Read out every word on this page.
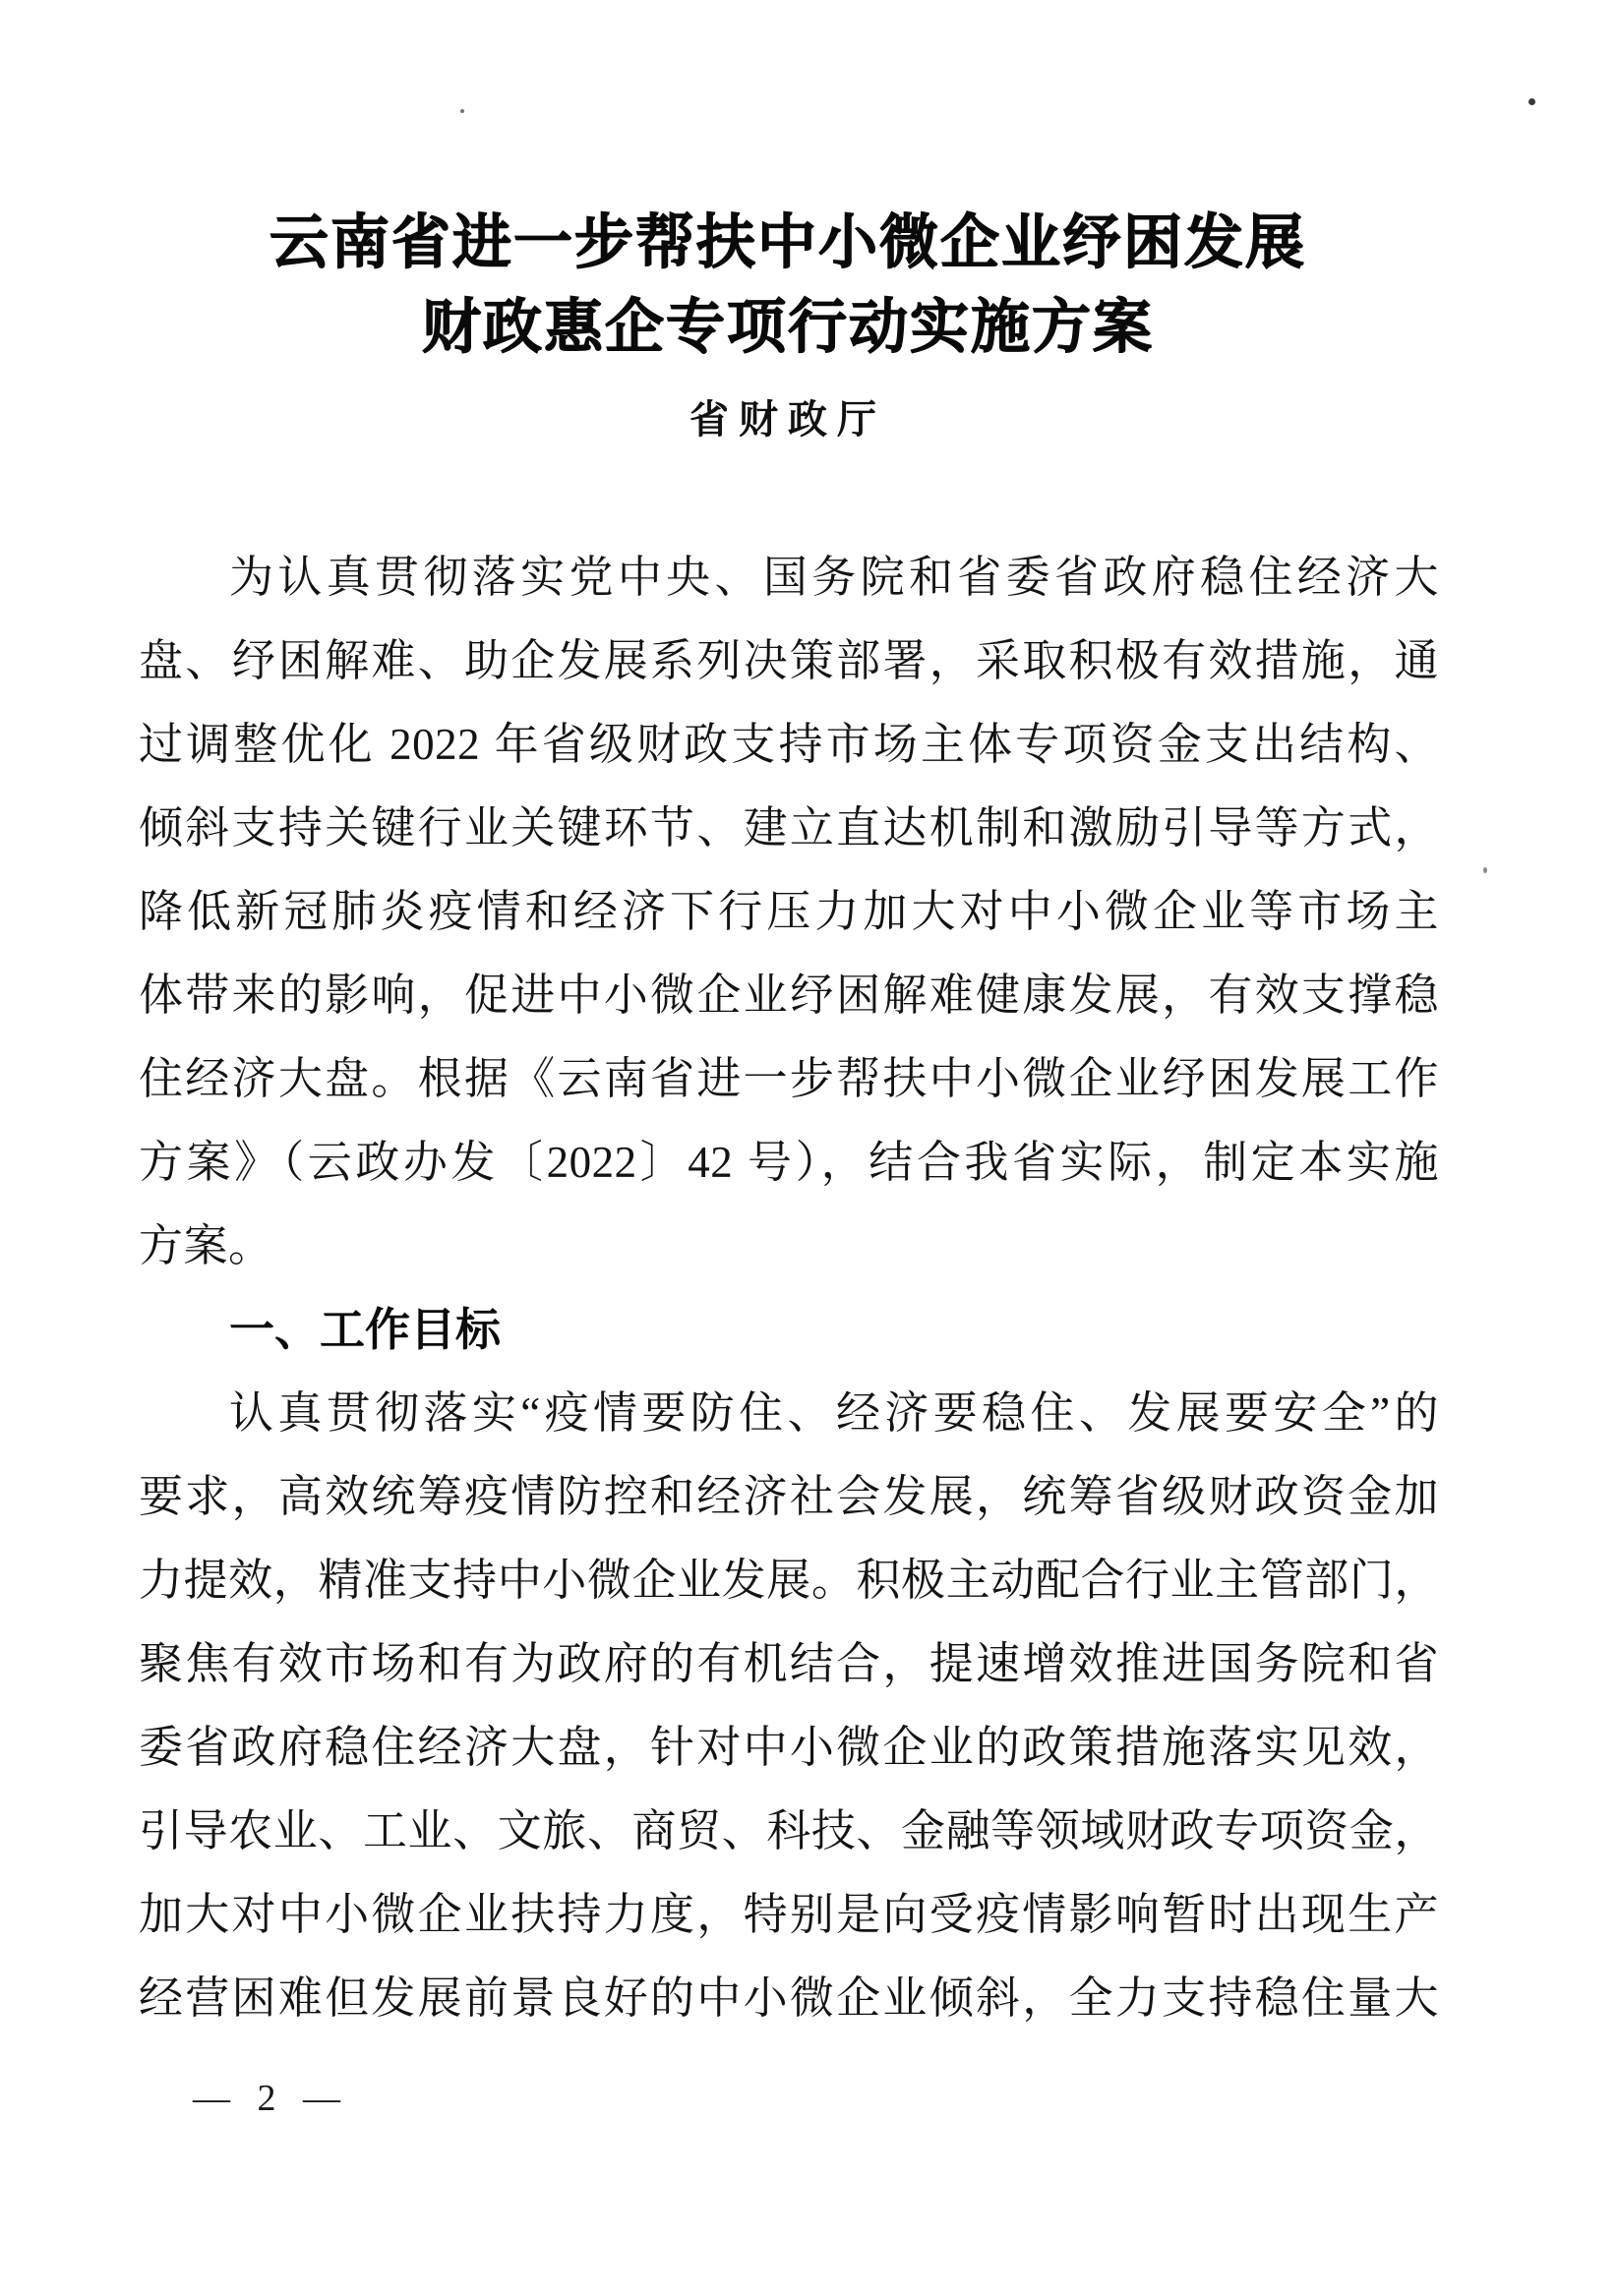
云南省进一步帮扶中小微企业纾困发展
财政惠企专项行动实施方案
省财政厅
为认真贯彻落实党中央、国务院和省委省政府稳住经济大
盘、纾困解难、助企发展系列决策部署，采取积极有效措施，通
过调整优化 2022 年省级财政支持市场主体专项资金支出结构、
倾斜支持关键行业关键环节、建立直达机制和激励引导等方式，
降低新冠肺炎疫情和经济下行压力加大对中小微企业等市场主
体带来的影响，促进中小微企业纾困解难健康发展，有效支撑稳
住经济大盘。根据《云南省进一步帮扶中小微企业纾困发展工作
方案》（云政办发〔2022〕42 号），结合我省实际，制定本实施
方案。
一、工作目标
认真贯彻落实“疫情要防住、经济要稳住、发展要安全”的
要求，高效统筹疫情防控和经济社会发展，统筹省级财政资金加
力提效，精准支持中小微企业发展。积极主动配合行业主管部门，
聚焦有效市场和有为政府的有机结合，提速增效推进国务院和省
委省政府稳住经济大盘，针对中小微企业的政策措施落实见效，
引导农业、工业、文旅、商贸、科技、金融等领域财政专项资金，
加大对中小微企业扶持力度，特别是向受疫情影响暂时出现生产
经营困难但发展前景良好的中小微企业倾斜，全力支持稳住量大
— 2 —
